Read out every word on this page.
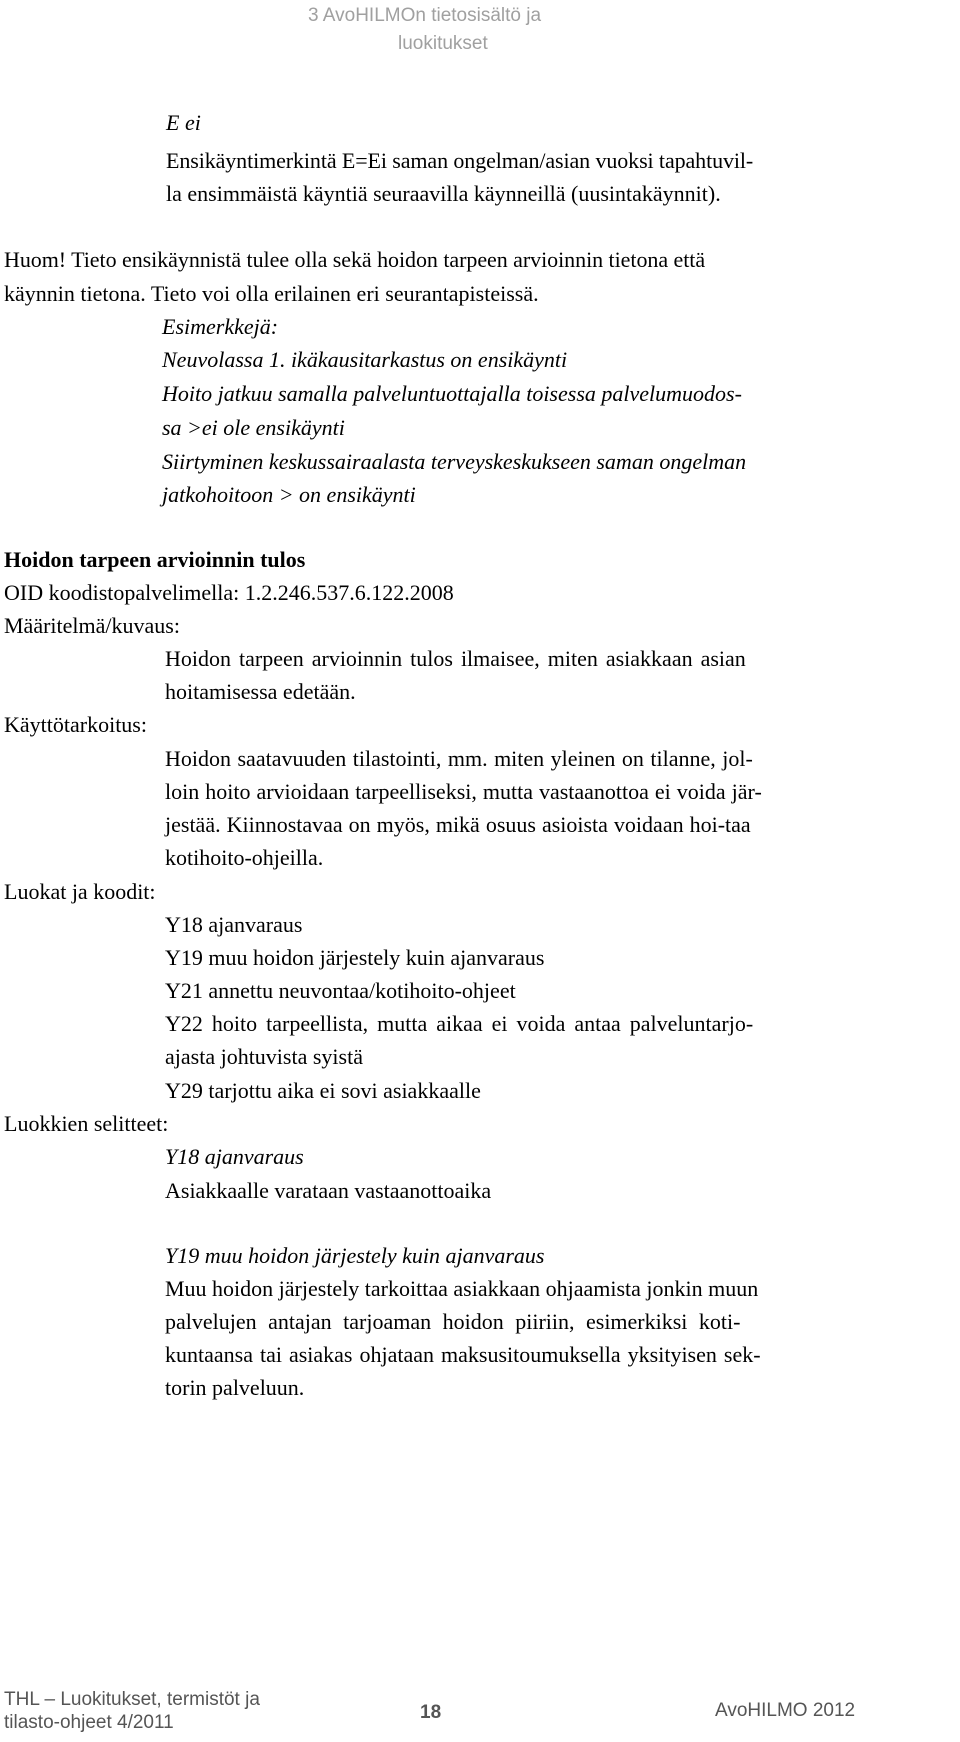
3 AvoHILMOn tietosisältö ja
luokitukset
E ei
Ensikäyntimerkintä E=Ei saman ongelman/asian vuoksi tapahtuvil-
la ensimmäistä käyntiä seuraavilla käynneillä (uusintakäynnit).
Huom! Tieto ensikäynnistä tulee olla sekä hoidon tarpeen arvioinnin tietona että
käynnin tietona. Tieto voi olla erilainen eri seurantapisteissä.
Esimerkkejä:
Neuvolassa 1. ikäkausitarkastus on ensikäynti
Hoito jatkuu samalla palveluntuottajalla toisessa palvelumuodos-
sa >ei ole ensikäynti
Siirtyminen keskussairaalasta terveyskeskukseen saman ongelman
jatkohoitoon > on ensikäynti
Hoidon tarpeen arvioinnin tulos
OID koodistopalvelimella: 1.2.246.537.6.122.2008
Määritelmä/kuvaus:
Hoidon tarpeen arvioinnin tulos ilmaisee, miten asiakkaan asian
hoitamisessa edetään.
Käyttötarkoitus:
Hoidon saatavuuden tilastointi, mm. miten yleinen on tilanne, jol-
loin hoito arvioidaan tarpeelliseksi, mutta vastaanottoa ei voida jär-
jestää. Kiinnostavaa on myös, mikä osuus asioista voidaan hoi-taa
kotihoito-ohjeilla.
Luokat ja koodit:
Y18 ajanvaraus
Y19 muu hoidon järjestely kuin ajanvaraus
Y21 annettu neuvontaa/kotihoito-ohjeet
Y22 hoito tarpeellista, mutta aikaa ei voida antaa palveluntarjo-
ajasta johtuvista syistä
Y29 tarjottu aika ei sovi asiakkaalle
Luokkien selitteet:
Y18 ajanvaraus
Asiakkaalle varataan vastaanottoaika
Y19 muu hoidon järjestely kuin ajanvaraus
Muu hoidon järjestely tarkoittaa asiakkaan ohjaamista jonkin muun
palvelujen antajan tarjoaman hoidon piiriin, esimerkiksi koti-
kuntaansa tai asiakas ohjataan maksusitoumuksella yksityisen sek-
torin palveluun.
THL – Luokitukset, termistöt ja
tilasto-ohjeet 4/2011	18	AvoHILMO 2012
